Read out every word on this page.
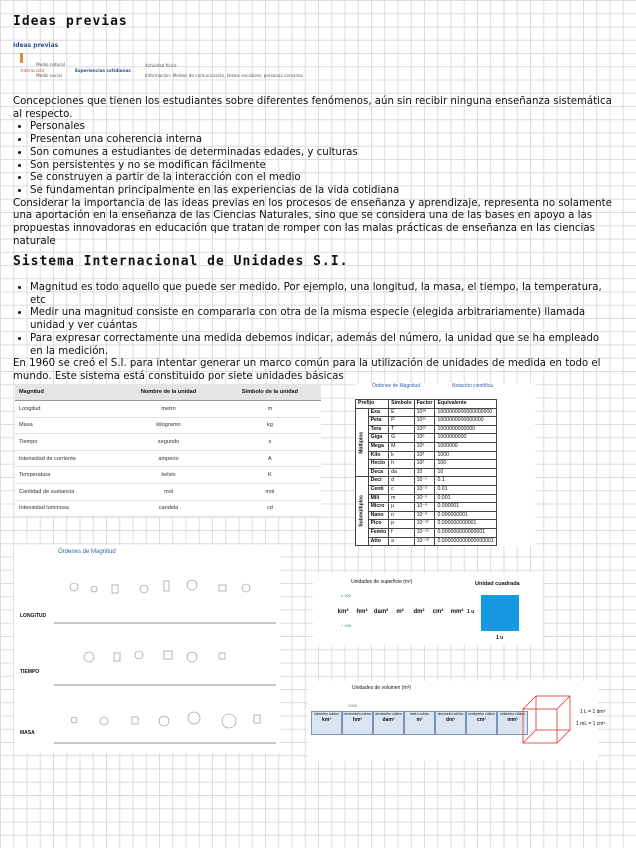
Ideas previas
Ideas previas
Medio natural
Interacción
Medio social
Experiencias cotidianas
Actividad física
Información: Medios de comunicación, textos escolares, personas cercanas
Concepciones que tienen los estudiantes sobre diferentes fenómenos, aún sin recibir ninguna enseñanza sistemática al respecto.
• Personales
• Presentan una coherencia interna
• Son comunes a estudiantes de determinadas edades, y culturas
• Son persistentes y no se modifican fácilmente
• Se construyen a partir de la interacción con el medio
• Se fundamentan principalmente en las experiencias de la vida cotidiana
Considerar la importancia de las ideas previas en los procesos de enseñanza y aprendizaje, representa no solamente una aportación en la enseñanza de las Ciencias Naturales, sino que se considera una de las bases en apoyo a las propuestas innovadoras en educación que tratan de romper con las malas prácticas de enseñanza en las ciencias naturale
Sistema Internacional de Unidades S.I.
• Magnitud es todo aquello que puede ser medido. Por ejemplo, una longitud, la masa, el tiempo, la temperatura, etc
• Medir una magnitud consiste en compararla con otra de la misma especie (elegida arbitrariamente) llamada unidad y ver cuántas
• Para expresar correctamente una medida debemos indicar, además del número, la unidad que se ha empleado en la medición.
En 1960 se creó el S.I. para intentar generar un marco común para la utilización de unidades de medida en todo el mundo. Este sistema está constituido por siete unidades básicas
Magnitud	Nombre de la unidad	Símbolo de la unidad
Longitud	metro	m
Masa	kilogramo	kg
Tiempo	segundo	s
Intensidad de corriente	amperio	A
Temperatura	kelvin	K
Cantidad de sustancia	mol	mol
Intensidad luminosa	candela	cd
Órdenes de Magnitud	Notación científica
Prefijo		Símbolo	Factor	Equivalente
Múltiplos	Exa	E	10¹⁸	1000000000000000000
	Peta	P	10¹⁵	1000000000000000
	Tera	T	10¹²	1000000000000
	Giga	G	10⁹	1000000000
	Mega	M	10⁶	1000000
	Kilo	k	10³	1000
	Hecto	h	10²	100
	Deca	da	10	10
Submúltiplos	Deci	d	10⁻¹	0.1
	Centi	c	10⁻²	0.01
	Mili	m	10⁻³	0.001
	Micro	μ	10⁻⁶	0.000001
	Nano	n	10⁻⁹	0.000000001
	Pico	p	10⁻¹²	0.000000000001
	Femto	f	10⁻¹⁵	0.000000000000001
	Atto	a	10⁻¹⁸	0.000000000000000001
Órdenes de Magnitud
LONGITUD
TIEMPO
MASA
Unidades de superficie (m²)	Unidad cuadrada
x 100
km²	hm²	dam²	m²	dm²	cm²	mm²
÷ 100
1 u
1 u
Unidades de volumen (m³)
kilómetro cúbico
km³
hectómetro cúbico
hm³
decámetro cúbico
dam³
metro cúbico
m³
decímetro cúbico
dm³
centímetro cúbico
cm³
milímetro cúbico
mm³
1 L = 1 dm³
1 mL = 1 cm³
1000
